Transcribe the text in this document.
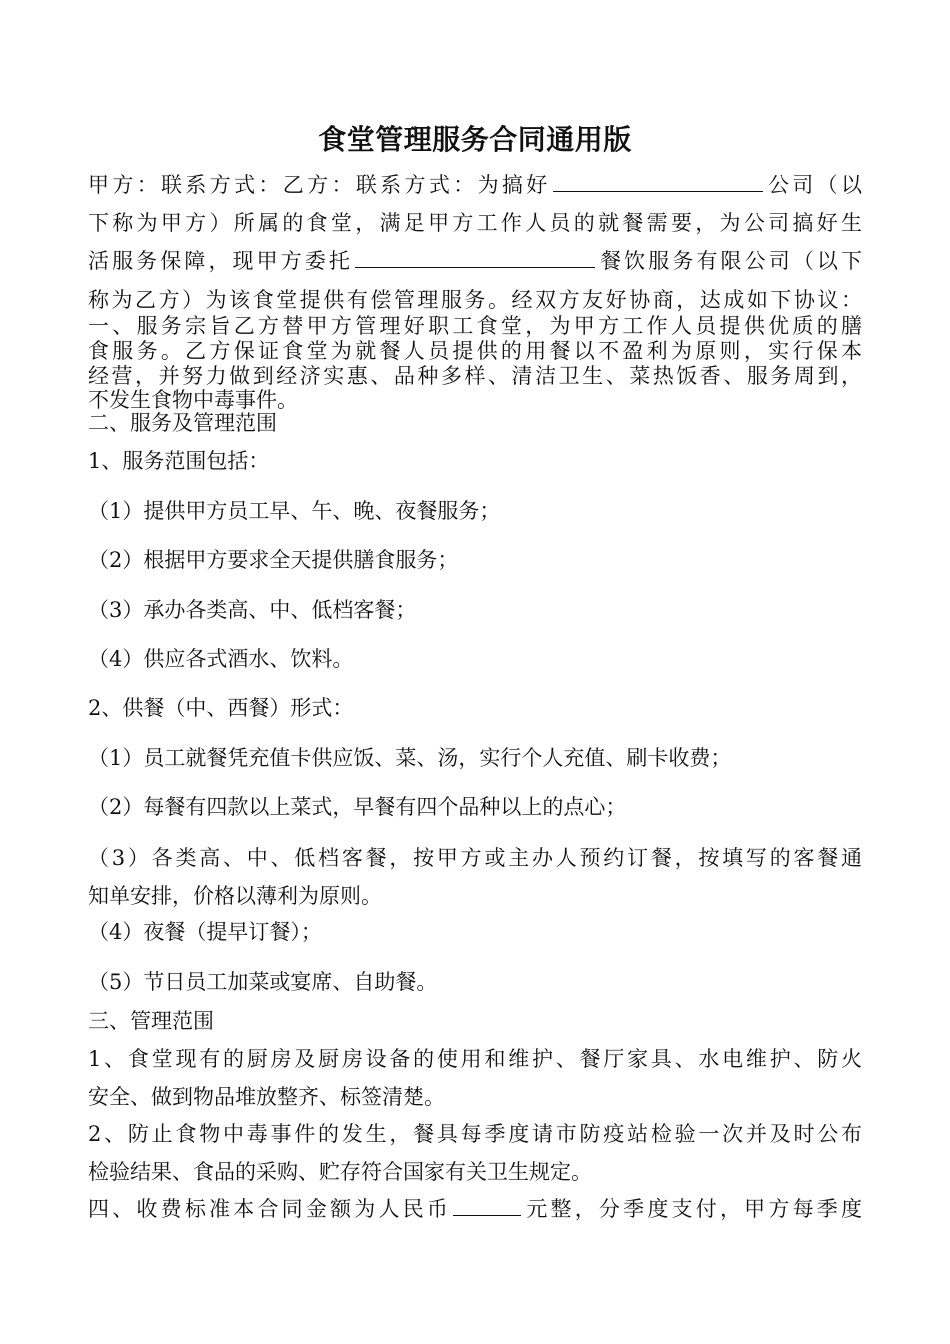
食堂管理服务合同通用版
甲方：联系方式：乙方：联系方式：为搞好	公司（以
下称为甲方）所属的食堂，满足甲方工作人员的就餐需要，为公司搞好生
活服务保障，现甲方委托	餐饮服务有限公司（以下
称为乙方）为该食堂提供有偿管理服务。经双方友好协商，达成如下协议：
一、服务宗旨乙方替甲方管理好职工食堂，为甲方工作人员提供优质的膳
食服务。乙方保证食堂为就餐人员提供的用餐以不盈利为原则，实行保本
经营，并努力做到经济实惠、品种多样、清洁卫生、菜热饭香、服务周到，
不发生食物中毒事件。
二、服务及管理范围
1、服务范围包括：
（1）提供甲方员工早、午、晚、夜餐服务；
（2）根据甲方要求全天提供膳食服务；
（3）承办各类高、中、低档客餐；
（4）供应各式酒水、饮料。
2、供餐（中、西餐）形式：
（1）员工就餐凭充值卡供应饭、菜、汤，实行个人充值、刷卡收费；
（2）每餐有四款以上菜式，早餐有四个品种以上的点心；
（3）各类高、中、低档客餐，按甲方或主办人预约订餐，按填写的客餐通
知单安排，价格以薄利为原则。
（4）夜餐（提早订餐）；
（5）节日员工加菜或宴席、自助餐。
三、管理范围
1、食堂现有的厨房及厨房设备的使用和维护、餐厅家具、水电维护、防火
安全、做到物品堆放整齐、标签清楚。
2、防止食物中毒事件的发生，餐具每季度请市防疫站检验一次并及时公布
检验结果、食品的采购、贮存符合国家有关卫生规定。
四、收费标准本合同金额为人民币	元整，分季度支付，甲方每季度
